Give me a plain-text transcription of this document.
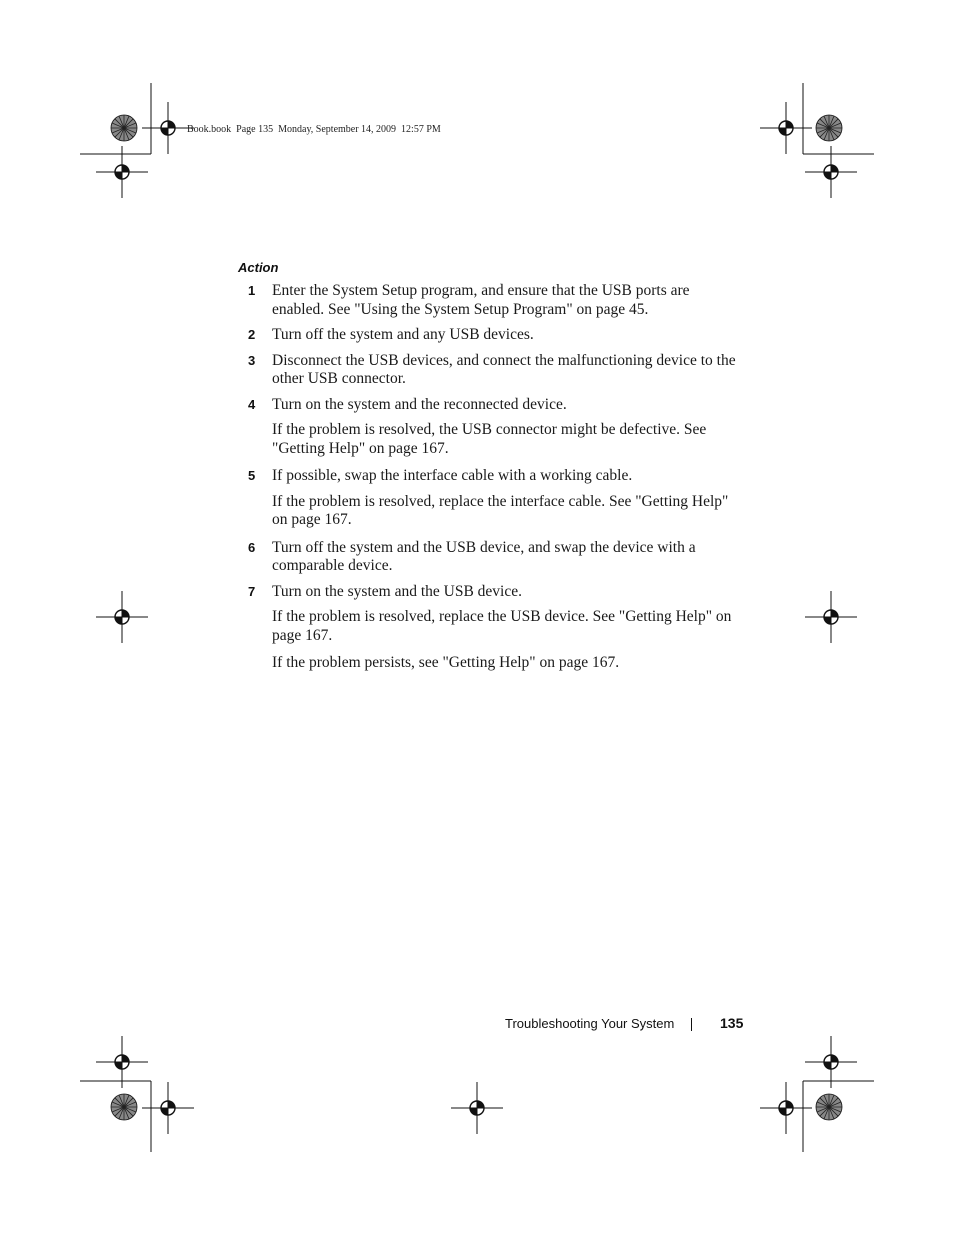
Book.book  Page 135  Monday, September 14, 2009  12:57 PM
Action
1	Enter the System Setup program, and ensure that the USB ports are enabled. See "Using the System Setup Program" on page 45.
2	Turn off the system and any USB devices.
3	Disconnect the USB devices, and connect the malfunctioning device to the other USB connector.
4	Turn on the system and the reconnected device.

If the problem is resolved, the USB connector might be defective. See "Getting Help" on page 167.

5	If possible, swap the interface cable with a working cable.

If the problem is resolved, replace the interface cable. See "Getting Help" on page 167.

6	Turn off the system and the USB device, and swap the device with a comparable device.
7	Turn on the system and the USB device.

If the problem is resolved, replace the USB device. See "Getting Help" on page 167.

If the problem persists, see "Getting Help" on page 167.

Troubleshooting Your System	135
